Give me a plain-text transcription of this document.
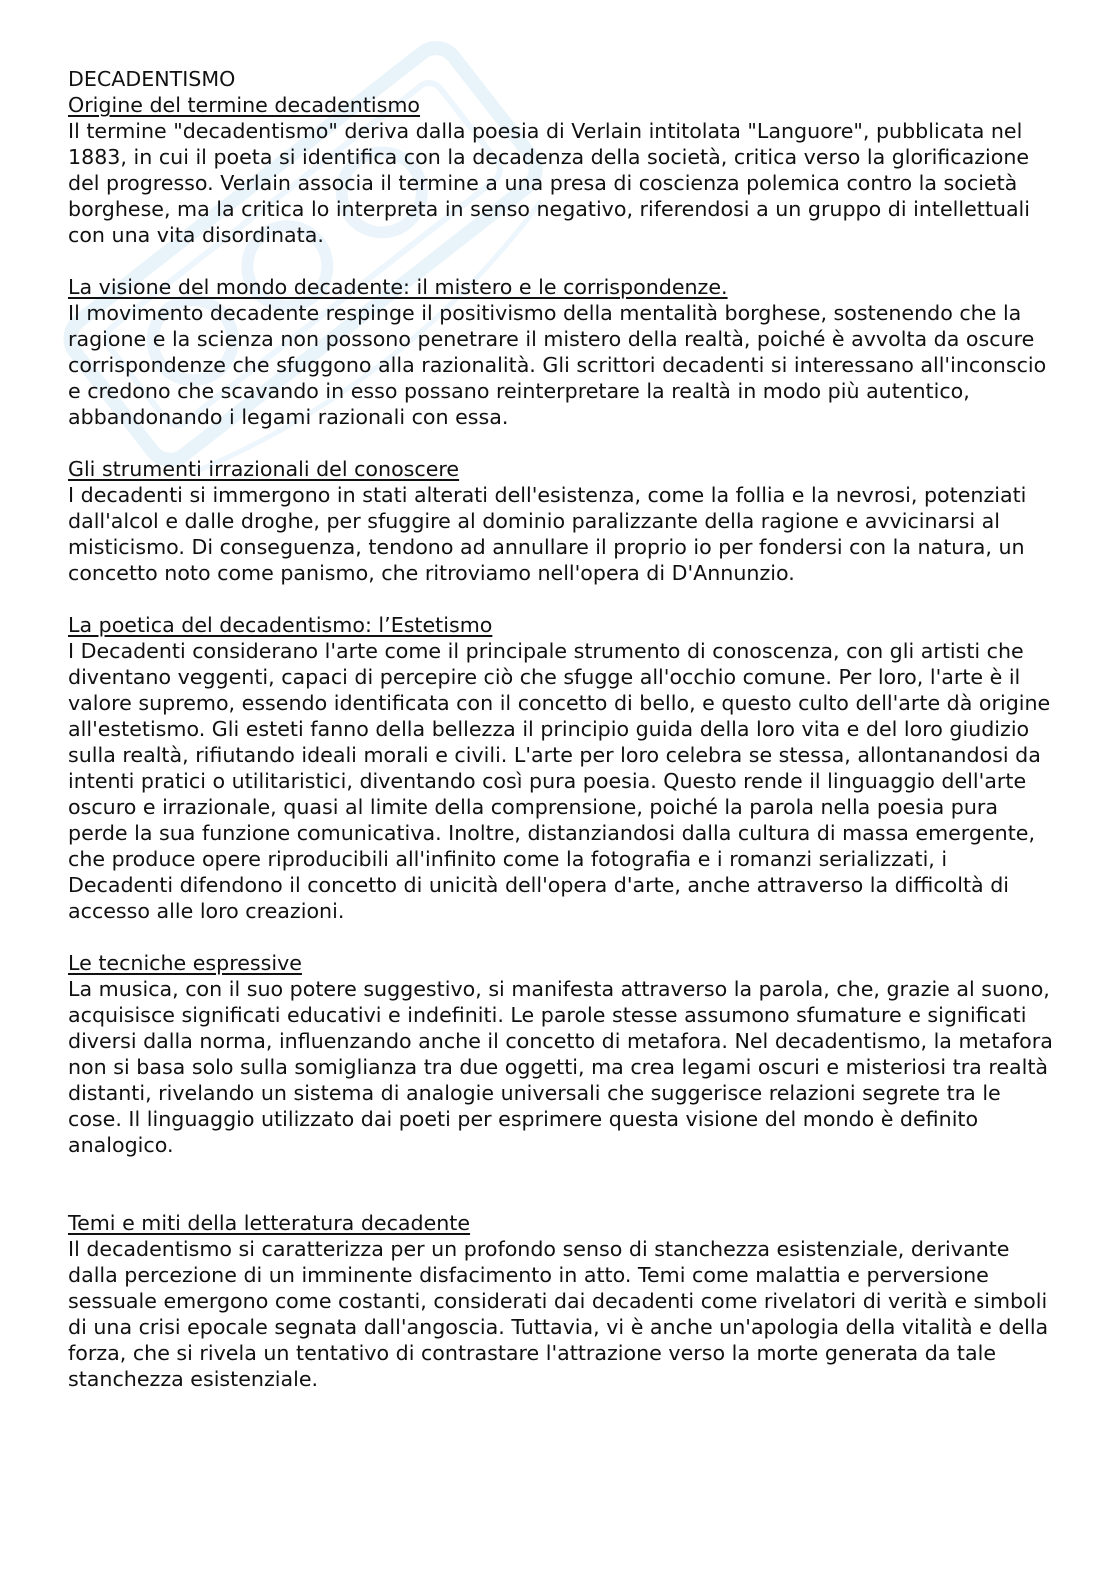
DECADENTISMO
Origine del termine decadentismo

Il termine "decadentismo" deriva dalla poesia di Verlain intitolata "Languore", pubblicata nel 1883, in cui il poeta si identifica con la decadenza della società, critica verso la glorificazione del progresso. Verlain associa il termine a una presa di coscienza polemica contro la società borghese, ma la critica lo interpreta in senso negativo, riferendosi a un gruppo di intellettuali con una vita disordinata.

La visione del mondo decadente: il mistero e le corrispondenze.

Il movimento decadente respinge il positivismo della mentalità borghese, sostenendo che la ragione e la scienza non possono penetrare il mistero della realtà, poiché è avvolta da oscure corrispondenze che sfuggono alla razionalità. Gli scrittori decadenti si interessano all'inconscio e credono che scavando in esso possano reinterpretare la realtà in modo più autentico, abbandonando i legami razionali con essa.

Gli strumenti irrazionali del conoscere

I decadenti si immergono in stati alterati dell'esistenza, come la follia e la nevrosi, potenziati dall'alcol e dalle droghe, per sfuggire al dominio paralizzante della ragione e avvicinarsi al misticismo. Di conseguenza, tendono ad annullare il proprio io per fondersi con la natura, un concetto noto come panismo, che ritroviamo nell'opera di D'Annunzio.

La poetica del decadentismo: l’Estetismo

I Decadenti considerano l'arte come il principale strumento di conoscenza, con gli artisti che diventano veggenti, capaci di percepire ciò che sfugge all'occhio comune. Per loro, l'arte è il valore supremo, essendo identificata con il concetto di bello, e questo culto dell'arte dà origine all'estetismo. Gli esteti fanno della bellezza il principio guida della loro vita e del loro giudizio sulla realtà, rifiutando ideali morali e civili. L'arte per loro celebra se stessa, allontanandosi da intenti pratici o utilitaristici, diventando così pura poesia. Questo rende il linguaggio dell'arte oscuro e irrazionale, quasi al limite della comprensione, poiché la parola nella poesia pura perde la sua funzione comunicativa. Inoltre, distanziandosi dalla cultura di massa emergente, che produce opere riproducibili all'infinito come la fotografia e i romanzi serializzati, i Decadenti difendono il concetto di unicità dell'opera d'arte, anche attraverso la difficoltà di accesso alle loro creazioni.

Le tecniche espressive

La musica, con il suo potere suggestivo, si manifesta attraverso la parola, che, grazie al suono, acquisisce significati educativi e indefiniti. Le parole stesse assumono sfumature e significati diversi dalla norma, influenzando anche il concetto di metafora. Nel decadentismo, la metafora non si basa solo sulla somiglianza tra due oggetti, ma crea legami oscuri e misteriosi tra realtà distanti, rivelando un sistema di analogie universali che suggerisce relazioni segrete tra le cose. Il linguaggio utilizzato dai poeti per esprimere questa visione del mondo è definito analogico.

Temi e miti della letteratura decadente

Il decadentismo si caratterizza per un profondo senso di stanchezza esistenziale, derivante dalla percezione di un imminente disfacimento in atto. Temi come malattia e perversione sessuale emergono come costanti, considerati dai decadenti come rivelatori di verità e simboli di una crisi epocale segnata dall'angoscia. Tuttavia, vi è anche un'apologia della vitalità e della forza, che si rivela un tentativo di contrastare l'attrazione verso la morte generata da tale stanchezza esistenziale.
